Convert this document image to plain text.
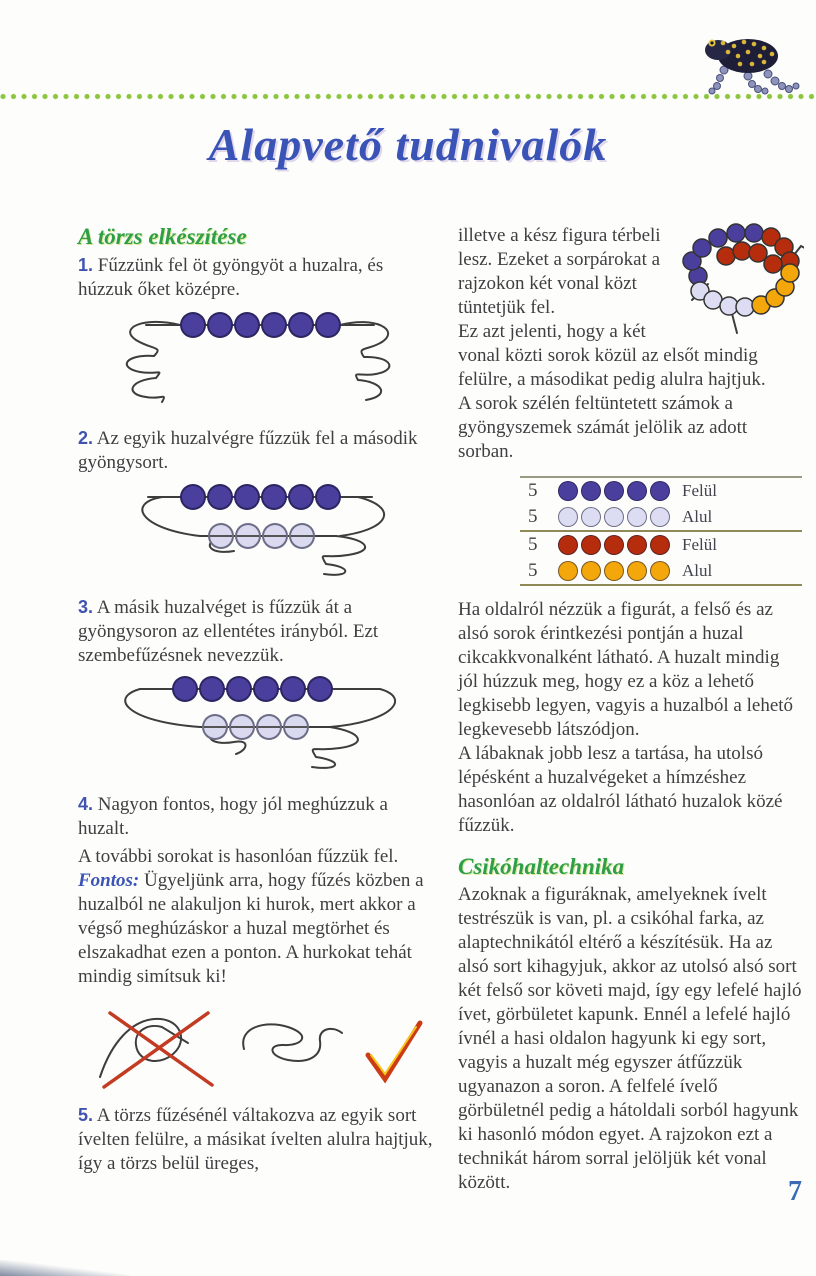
Alapvető tudnivalók
A törzs elkészítése

1. Fűzzünk fel öt gyöngyöt a huzalra, és húzzuk őket középre.

2. Az egyik huzalvégre fűzzük fel a második gyöngysort.

3. A másik huzalvéget is fűzzük át a gyöngysoron az ellentétes irányból. Ezt szembefűzésnek nevezzük.

4. Nagyon fontos, hogy jól meghúzzuk a huzalt.

A további sorokat is hasonlóan fűzzük fel.

Fontos: Ügyeljünk arra, hogy fűzés közben a huzalból ne alakuljon ki hurok, mert akkor a végső meghúzáskor a huzal megtörhet és elszakadhat ezen a ponton. A hurkokat tehát mindig simítsuk ki!

5. A törzs fűzésénél váltakozva az egyik sort ívelten felülre, a másikat ívelten alulra hajtjuk, így a törzs belül üreges,

illetve a kész figura térbeli lesz. Ezeket a sorpárokat a rajzokon két vonal közt tüntetjük fel.

Ez azt jelenti, hogy a két vonal közti sorok közül az elsőt mindig felülre, a másodikat pedig alulra hajtjuk.

A sorok szélén feltüntetett számok a gyöngyszemek számát jelölik az adott sorban.

5	Felül
5	Alul
5	Felül
5	Alul

Ha oldalról nézzük a figurát, a felső és az alsó sorok érintkezési pontján a huzal cikcakkvonalként látható. A huzalt mindig jól húzzuk meg, hogy ez a köz a lehető legkisebb legyen, vagyis a huzalból a lehető legkevesebb látszódjon.

A lábaknak jobb lesz a tartása, ha utolsó lépésként a huzalvégeket a hímzéshez hasonlóan az oldalról látható huzalok közé fűzzük.

Csikóhaltechnika

Azoknak a figuráknak, amelyeknek ívelt testrészük is van, pl. a csikóhal farka, az alaptechnikától eltérő a készítésük. Ha az alsó sort kihagyjuk, akkor az utolsó alsó sort két felső sor követi majd, így egy lefelé hajló ívet, görbületet kapunk. Ennél a lefelé hajló ívnél a hasi oldalon hagyunk ki egy sort, vagyis a huzalt még egyszer átfűzzük ugyanazon a soron. A felfelé ívelő görbületnél pedig a hátoldali sorból hagyunk ki hasonló módon egyet. A rajzokon ezt a technikát három sorral jelöljük két vonal között.	7
